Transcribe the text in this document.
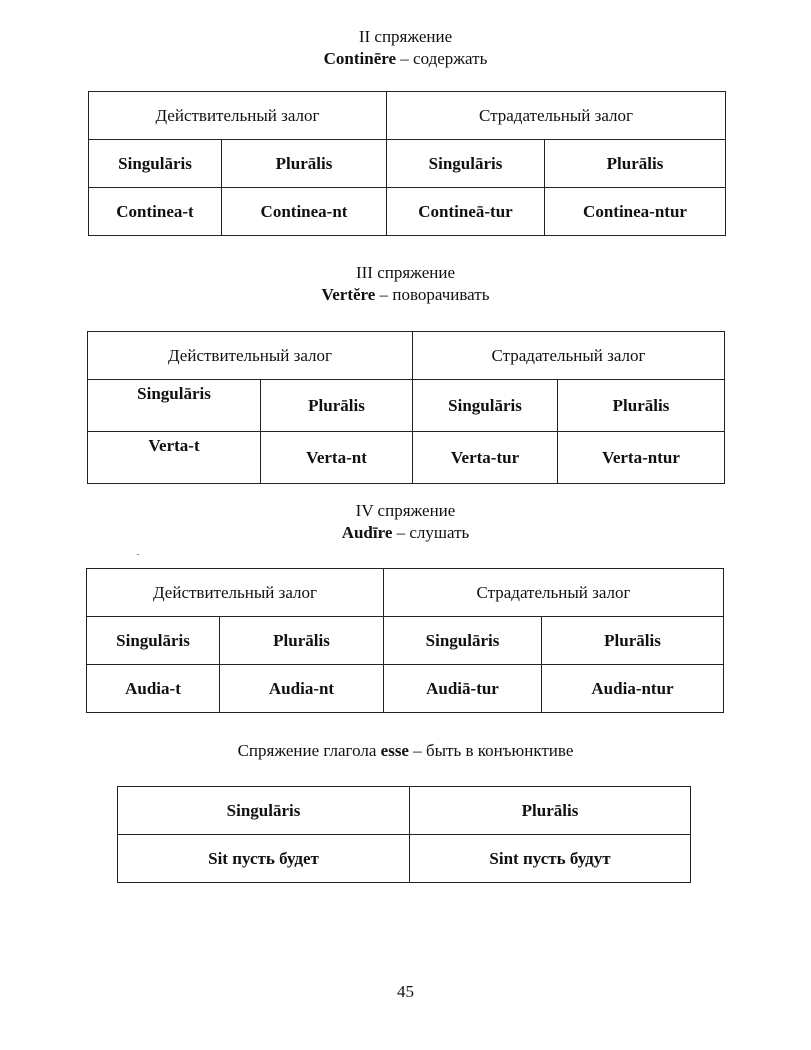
II спряжение
Continēre – содержать
Действительный залог		Страдательный залог	
Singulāris	Plurālis	Singulāris	Plurālis
Continea-t	Continea-nt	Contineā-tur	Continea-ntur
III спряжение
Vertĕre – поворачивать
Действительный залог		Страдательный залог	
Singulāris	Plurālis	Singulāris	Plurālis
Verta-t	Verta-nt	Verta-tur	Verta-ntur
IV спряжение
Audīre – слушать
Действительный залог		Страдательный залог	
Singulāris	Plurālis	Singulāris	Plurālis
Audia-t	Audia-nt	Audiā-tur	Audia-ntur
Спряжение глагола esse – быть в конъюнктиве
Singulāris	Plurālis
Sit пусть будет	Sint пусть будут
45
